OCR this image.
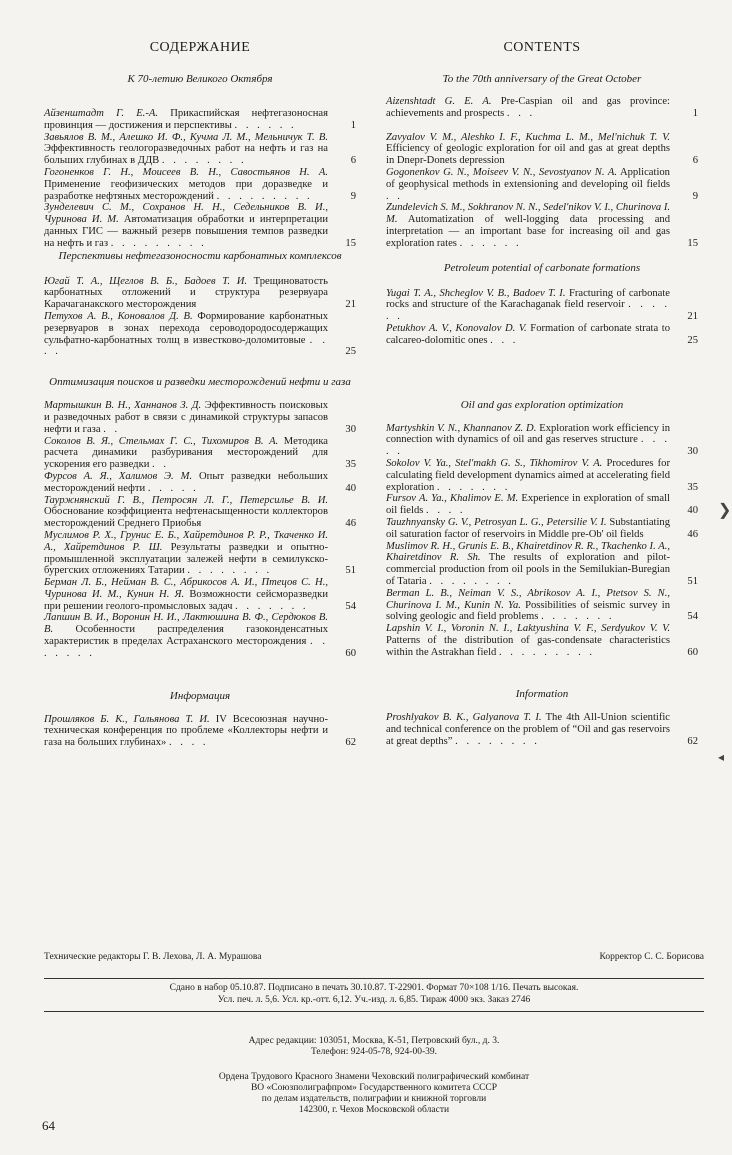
СОДЕРЖАНИЕ
К 70-летию Великого Октября
Айзенштадт Г. Е.-А. Прикаспийская нефтегазоносная провинция — достижения и перспективы . . . . . .	1
Завьялов В. М., Алешко И. Ф., Кучма Л. М., Мельничук Т. В. Эффективность геологоразведочных работ на нефть и газ на больших глубинах в ДДВ . . . . . . . .	6
Гогоненков Г. Н., Моисеев В. Н., Савостьянов Н. А. Применение геофизических методов при доразведке и разработке нефтяных месторождений . . . . . . . . .	9
Зунделевич С. М., Сохранов Н. Н., Седельников В. И., Чуринова И. М. Автоматизация обработки и интерпретации данных ГИС — важный резерв повышения темпов разведки на нефть и газ . . . . . . . . .	15
Перспективы нефтегазоносности карбонатных комплексов
Югай Т. А., Щеглов В. Б., Бадоев Т. И. Трещиноватость карбонатных отложений и структура резервуара Карачаганакского месторождения	21
Петухов А. В., Коновалов Д. В. Формирование карбонатных резервуаров в зонах перехода сероводородосодержащих сульфатно-карбонатных толщ в известково-доломитовые . . . .	25
Оптимизация поисков и разведки месторождений нефти и газа
Мартышкин В. Н., Ханнанов З. Д. Эффективность поисковых и разведочных работ в связи с динамикой структуры запасов нефти и газа . .	30
Соколов В. Я., Стельмах Г. С., Тихомиров В. А. Методика расчета динамики разбуривания месторождений для ускорения его разведки . .	35
Фурсов А. Я., Халимов Э. М. Опыт разведки небольших месторождений нефти . . . . .	40
Тауржнянский Г. В., Петросян Л. Г., Петерсилье В. И. Обоснование коэффициента нефтенасыщенности коллекторов месторождений Среднего Приобья	46
Муслимов Р. Х., Грунис Е. Б., Хайретдинов Р. Р., Ткаченко И. А., Хайретдинов Р. Ш. Результаты разведки и опытно-промышленной эксплуатации залежей нефти в семилукско-бурегских отложениях Татарии . . . . . . . .	51
Берман Л. Б., Нейман В. С., Абрикосов А. И., Птецов С. Н., Чуринова И. М., Кунин Н. Я. Возможности сейсморазведки при решении геолого-промысловых задач . . . . . . .	54
Лапшин В. И., Воронин Н. И., Лактюшина В. Ф., Сердюков В. В. Особенности распределения газоконденсатных характеристик в пределах Астраханского месторождения . . . . . . .	60
Информация
Прошляков Б. К., Гальянова Т. И. IV Всесоюзная научно-техническая конференция по проблеме «Коллекторы нефти и газа на больших глубинах» . . . .	62
CONTENTS
To the 70th anniversary of the Great October
Aizenshtadt G. E. A. Pre-Caspian oil and gas province: achievements and prospects . . .	1
Zavyalov V. M., Aleshko I. F., Kuchma L. M., Mel'nichuk T. V. Efficiency of geologic exploration for oil and gas at great depths in Dnepr-Donets depression	6
Gogonenkov G. N., Moiseev V. N., Sevostyanov N. A. Application of geophysical methods in extensioning and developing oil fields . .	9
Zundelevich S. M., Sokhranov N. N., Sedel'nikov V. I., Churinova I. M. Automatization of well-logging data processing and interpretation — an important base for increasing oil and gas exploration rates . . . . . .	15
Petroleum potential of carbonate formations
Yugai T. A., Shcheglov V. B., Badoev T. I. Fracturing of carbonate rocks and structure of the Karachaganak field reservoir . . . . . .	21
Petukhov A. V., Konovalov D. V. Formation of carbonate strata to calcareo-dolomitic ones . . .	25
Oil and gas exploration optimization
Martyshkin V. N., Khannanov Z. D. Exploration work efficiency in connection with dynamics of oil and gas reserves structure . . . . .	30
Sokolov V. Ya., Stel'makh G. S., Tikhomirov V. A. Procedures for calculating field development dynamics aimed at accelerating field exploration . . . . . . .	35
Fursov A. Ya., Khalimov E. M. Experience in exploration of small oil fields . . . .	40
Tauzhnyansky G. V., Petrosyan L. G., Petersilie V. I. Substantiating oil saturation factor of reservoirs in Middle pre-Ob' oil fields	46
Muslimov R. H., Grunis E. B., Khairetdinov R. R., Tkachenko I. A., Khairetdinov R. Sh. The results of exploration and pilot-commercial production from oil pools in the Semilukian-Buregian of Tataria . . . . . . . .	51
Berman L. B., Neiman V. S., Abrikosov A. I., Ptetsov S. N., Churinova I. M., Kunin N. Ya. Possibilities of seismic survey in solving geologic and field problems . . . . . . .	54
Lapshin V. I., Voronin N. I., Laktyushina V. F., Serdyukov V. V. Patterns of the distribution of gas-condensate characteristics within the Astrakhan field . . . . . . . . .	60
Information
Proshlyakov B. K., Galyanova T. I. The 4th All-Union scientific and technical conference on the problem of “Oil and gas reservoirs at great depths” . . . . . . . .	62
Технические редакторы Г. В. Лехова, Л. А. Мурашова	Корректор С. С. Борисова
Сдано в набор 05.10.87. Подписано в печать 30.10.87. Т-22901. Формат 70×108 1/16. Печать высокая.
Усл. печ. л. 5,6. Усл. кр.-отт. 6,12. Уч.-изд. л. 6,85. Тираж 4000 экз. Заказ 2746
Адрес редакции: 103051, Москва, К-51, Петровский бул., д. 3.
Телефон: 924-05-78, 924-00-39.
Ордена Трудового Красного Знамени Чеховский полиграфический комбинат
ВО «Союзполиграфпром» Государственного комитета СССР
по делам издательств, полиграфии и книжной торговли
142300, г. Чехов Московской области
64
❯
◂
